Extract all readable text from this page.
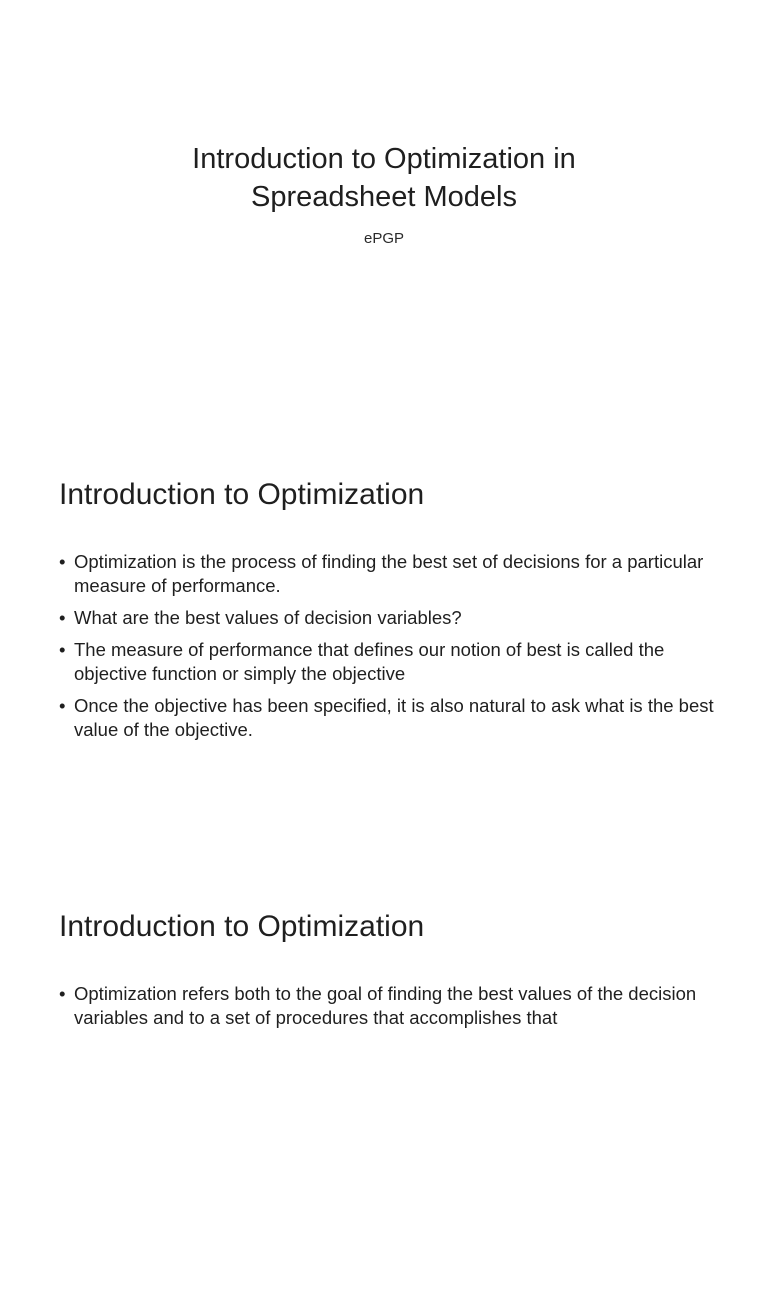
Introduction to Optimization in
Spreadsheet Models
ePGP
Introduction to Optimization
• Optimization is the process of finding the best set of decisions for a particular measure of performance.
• What are the best values of decision variables?
• The measure of performance that defines our notion of best is called the objective function or simply the objective
• Once the objective has been specified, it is also natural to ask what is the best value of the objective.
Introduction to Optimization
• Optimization refers both to the goal of finding the best values of the decision variables and to a set of procedures that accomplishes that
